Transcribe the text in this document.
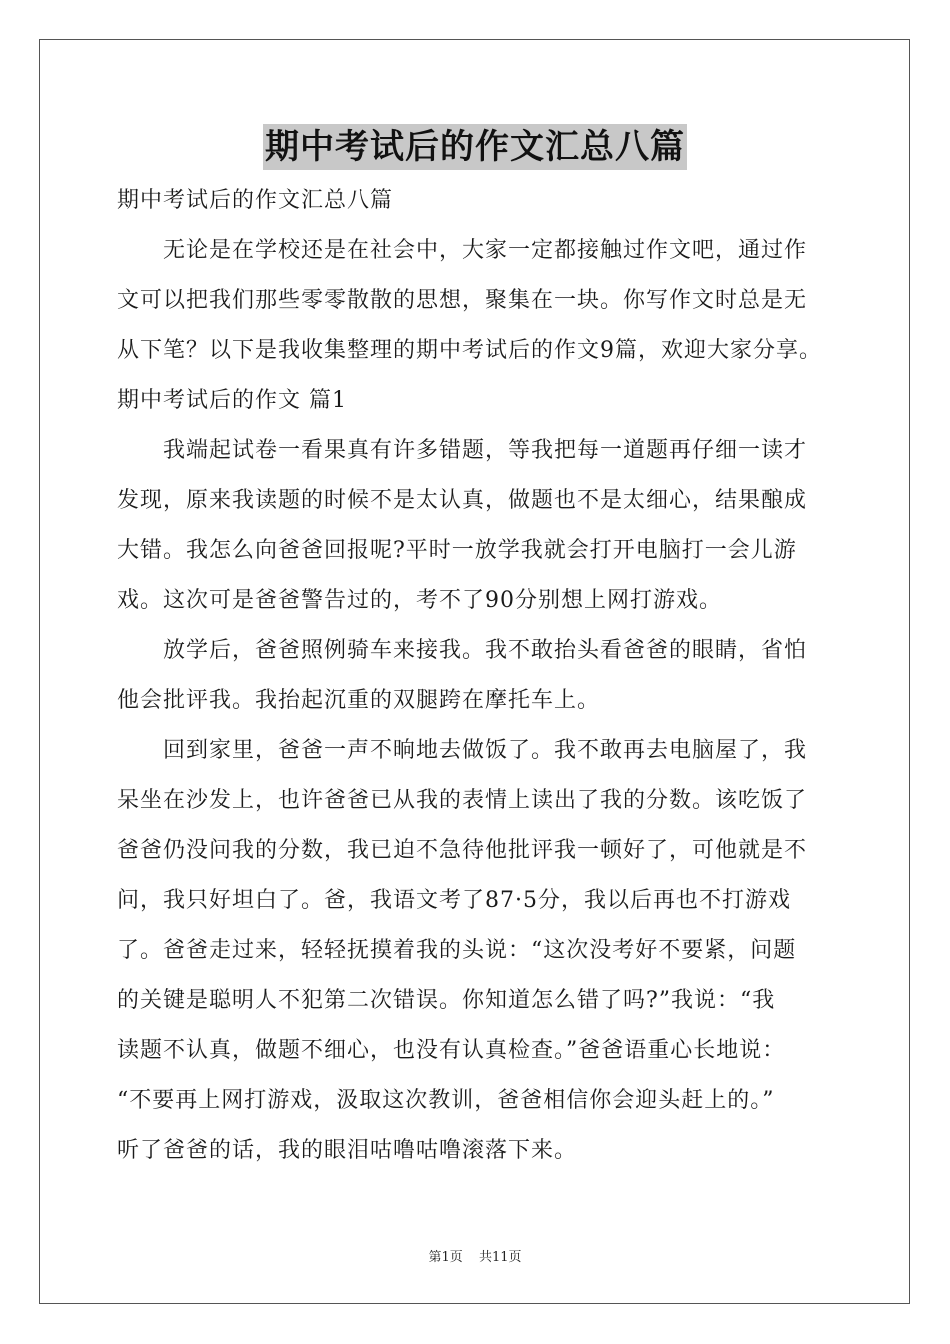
期中考试后的作文汇总八篇
期中考试后的作文汇总八篇
无论是在学校还是在社会中，大家一定都接触过作文吧，通过作
文可以把我们那些零零散散的思想，聚集在一块。你写作文时总是无
从下笔？以下是我收集整理的期中考试后的作文9篇，欢迎大家分享。
期中考试后的作文 篇1
我端起试卷一看果真有许多错题，等我把每一道题再仔细一读才
发现，原来我读题的时候不是太认真，做题也不是太细心，结果酿成
大错。我怎么向爸爸回报呢?平时一放学我就会打开电脑打一会儿游
戏。这次可是爸爸警告过的，考不了90分别想上网打游戏。
放学后，爸爸照例骑车来接我。我不敢抬头看爸爸的眼睛，省怕
他会批评我。我抬起沉重的双腿跨在摩托车上。
回到家里，爸爸一声不晌地去做饭了。我不敢再去电脑屋了，我
呆坐在沙发上，也许爸爸已从我的表情上读出了我的分数。该吃饭了
爸爸仍没问我的分数，我已迫不急待他批评我一顿好了，可他就是不
问，我只好坦白了。爸，我语文考了87·5分，我以后再也不打游戏
了。爸爸走过来，轻轻抚摸着我的头说：“这次没考好不要紧，问题
的关键是聪明人不犯第二次错误。你知道怎么错了吗?”我说：“我
读题不认真，做题不细心，也没有认真检查。”爸爸语重心长地说：
“不要再上网打游戏，汲取这次教训，爸爸相信你会迎头赶上的。”
听了爸爸的话，我的眼泪咕噜咕噜滚落下来。
第1页 共11页
